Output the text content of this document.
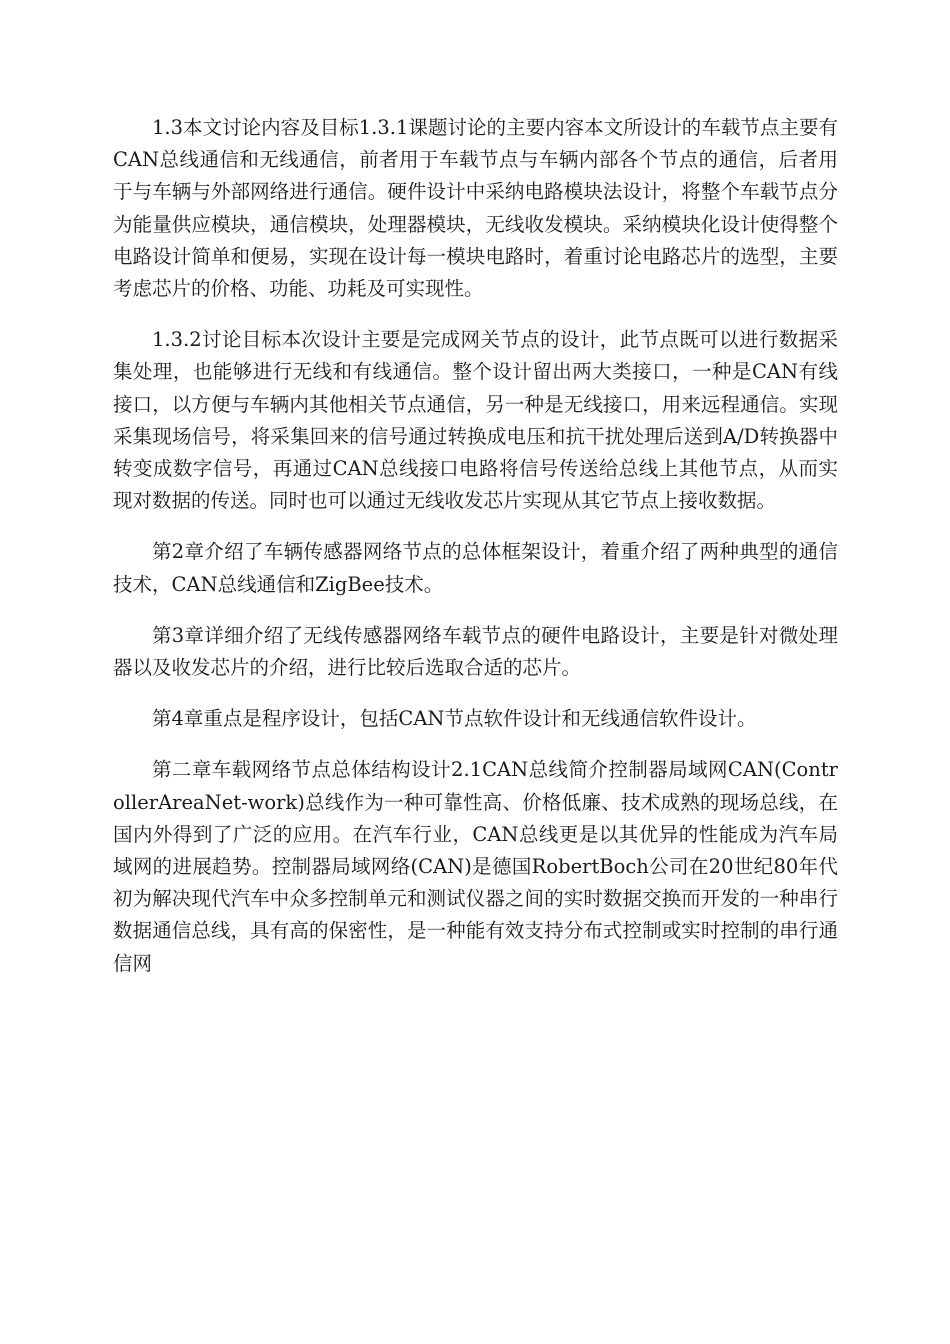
1.3本文讨论内容及目标1.3.1课题讨论的主要内容本文所设计的车载节点主要有CAN总线通信和无线通信，前者用于车载节点与车辆内部各个节点的通信，后者用于与车辆与外部网络进行通信。硬件设计中采纳电路模块法设计，将整个车载节点分为能量供应模块，通信模块，处理器模块，无线收发模块。采纳模块化设计使得整个电路设计简单和便易，实现在设计每一模块电路时，着重讨论电路芯片的选型，主要考虑芯片的价格、功能、功耗及可实现性。

1.3.2讨论目标本次设计主要是完成网关节点的设计，此节点既可以进行数据采集处理，也能够进行无线和有线通信。整个设计留出两大类接口，一种是CAN有线接口，以方便与车辆内其他相关节点通信，另一种是无线接口，用来远程通信。实现采集现场信号，将采集回来的信号通过转换成电压和抗干扰处理后送到A/D转换器中转变成数字信号，再通过CAN总线接口电路将信号传送给总线上其他节点，从而实现对数据的传送。同时也可以通过无线收发芯片实现从其它节点上接收数据。

第2章介绍了车辆传感器网络节点的总体框架设计，着重介绍了两种典型的通信技术，CAN总线通信和ZigBee技术。

第3章详细介绍了无线传感器网络车载节点的硬件电路设计，主要是针对微处理器以及收发芯片的介绍，进行比较后选取合适的芯片。

第4章重点是程序设计，包括CAN节点软件设计和无线通信软件设计。

第二章车载网络节点总体结构设计2.1CAN总线简介控制器局域网CAN(ControllerAreaNet-work)总线作为一种可靠性高、价格低廉、技术成熟的现场总线，在国内外得到了广泛的应用。在汽车行业，CAN总线更是以其优异的性能成为汽车局域网的进展趋势。控制器局域网络(CAN)是德国RobertBoch公司在20世纪80年代初为解决现代汽车中众多控制单元和测试仪器之间的实时数据交换而开发的一种串行数据通信总线，具有高的保密性，是一种能有效支持分布式控制或实时控制的串行通信网
